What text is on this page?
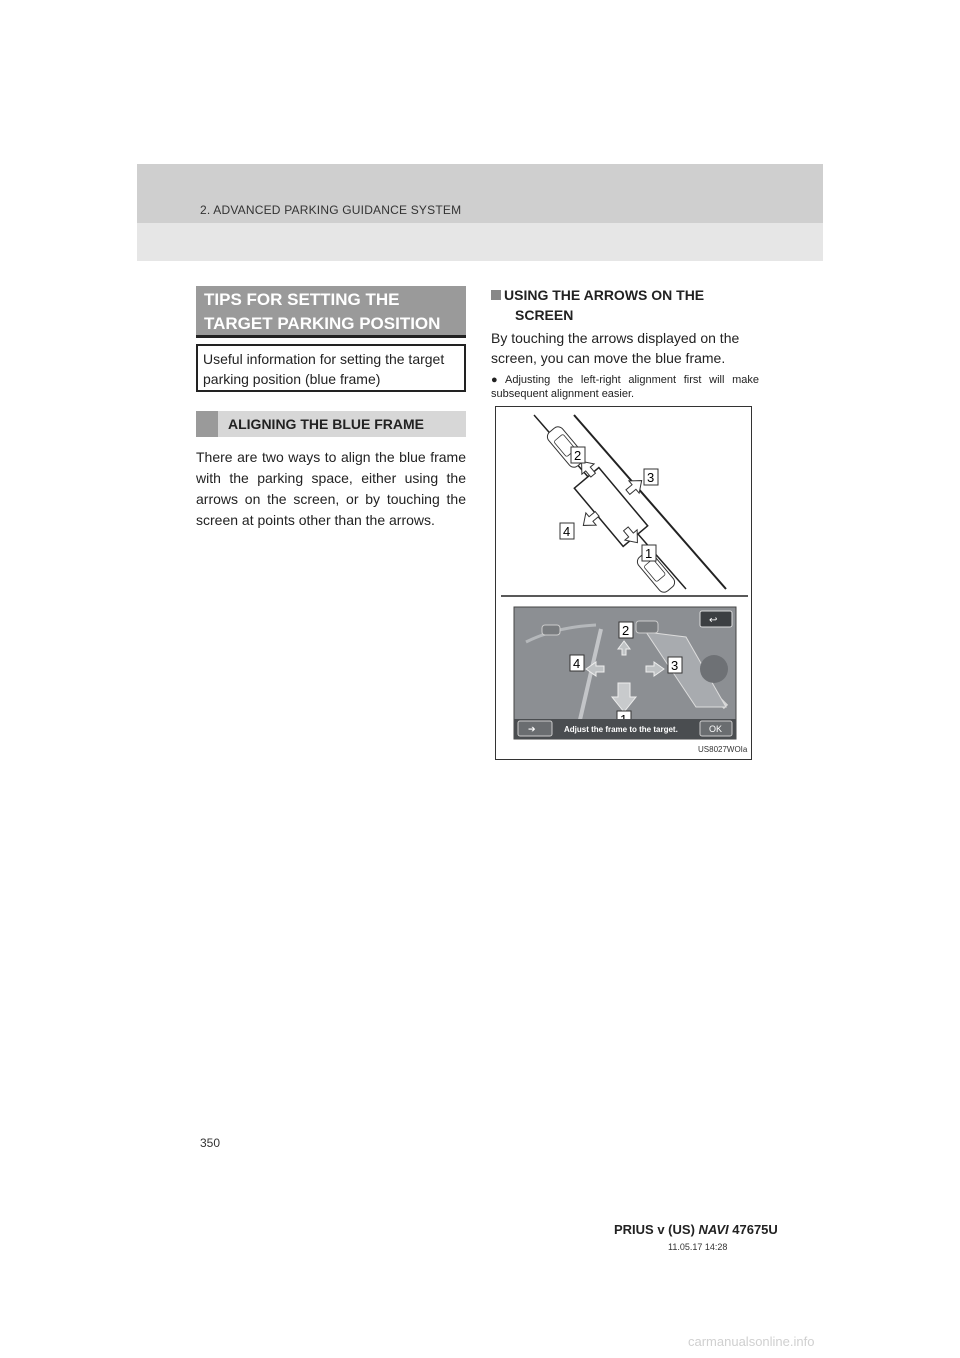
2. ADVANCED PARKING GUIDANCE SYSTEM
TIPS FOR SETTING THE TARGET PARKING POSITION
Useful information for setting the target parking position (blue frame)
ALIGNING THE BLUE FRAME
There are two ways to align the blue frame with the parking space, either using the arrows on the screen, or by touching the screen at points other than the arrows.
USING THE ARROWS ON THE
SCREEN
By touching the arrows displayed on the screen, you can move the blue frame.
● Adjusting the left-right alignment first will make subsequent alignment easier.
2
3
4
1
↩
2
4	3
➔	Adjust the frame to the target.	OK
US8027WOIa
350
PRIUS v (US) NAVI 47675U
11.05.17 14:28
carmanualsonline.info
